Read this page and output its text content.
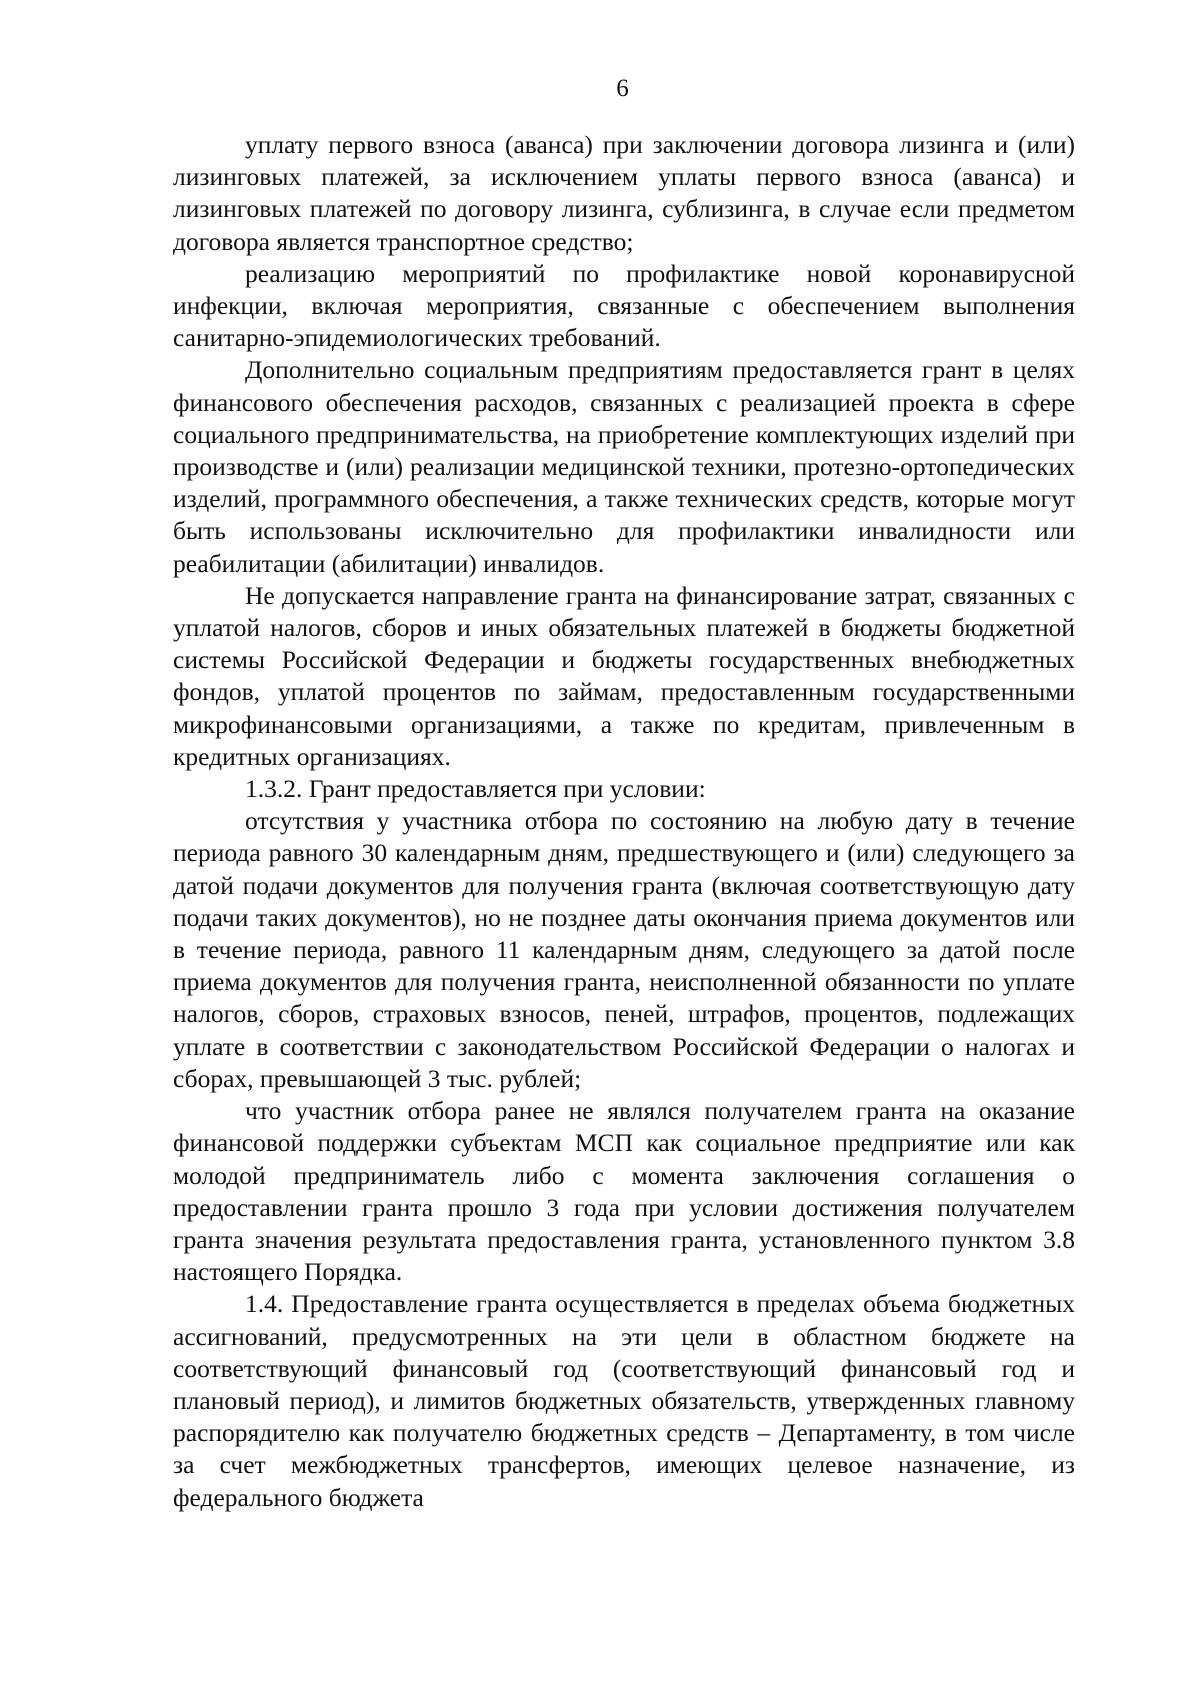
6

уплату первого взноса (аванса) при заключении договора лизинга и (или) лизинговых платежей, за исключением уплаты первого взноса (аванса) и лизинговых платежей по договору лизинга, сублизинга, в случае если предметом договора является транспортное средство;

реализацию мероприятий по профилактике новой коронавирусной инфекции, включая мероприятия, связанные с обеспечением выполнения санитарно-эпидемиологических требований.

Дополнительно социальным предприятиям предоставляется грант в целях финансового обеспечения расходов, связанных с реализацией проекта в сфере социального предпринимательства, на приобретение комплектующих изделий при производстве и (или) реализации медицинской техники, протезно-ортопедических изделий, программного обеспечения, а также технических средств, которые могут быть использованы исключительно для профилактики инвалидности или реабилитации (абилитации) инвалидов.

Не допускается направление гранта на финансирование затрат, связанных с уплатой налогов, сборов и иных обязательных платежей в бюджеты бюджетной системы Российской Федерации и бюджеты государственных внебюджетных фондов, уплатой процентов по займам, предоставленным государственными микрофинансовыми организациями, а также по кредитам, привлеченным в кредитных организациях.

1.3.2. Грант предоставляется при условии:

отсутствия у участника отбора по состоянию на любую дату в течение периода равного 30 календарным дням, предшествующего и (или) следующего за датой подачи документов для получения гранта (включая соответствующую дату подачи таких документов), но не позднее даты окончания приема документов или в течение периода, равного 11 календарным дням, следующего за датой после приема документов для получения гранта, неисполненной обязанности по уплате налогов, сборов, страховых взносов, пеней, штрафов, процентов, подлежащих уплате в соответствии с законодательством Российской Федерации о налогах и сборах, превышающей 3 тыс. рублей;

что участник отбора ранее не являлся получателем гранта на оказание финансовой поддержки субъектам МСП как социальное предприятие или как молодой предприниматель либо с момента заключения соглашения о предоставлении гранта прошло 3 года при условии достижения получателем гранта значения результата предоставления гранта, установленного пунктом 3.8 настоящего Порядка.

1.4. Предоставление гранта осуществляется в пределах объема бюджетных ассигнований, предусмотренных на эти цели в областном бюджете на соответствующий финансовый год (соответствующий финансовый год и плановый период), и лимитов бюджетных обязательств, утвержденных главному распорядителю как получателю бюджетных средств – Департаменту, в том числе за счет межбюджетных трансфертов, имеющих целевое назначение, из федерального бюджета
